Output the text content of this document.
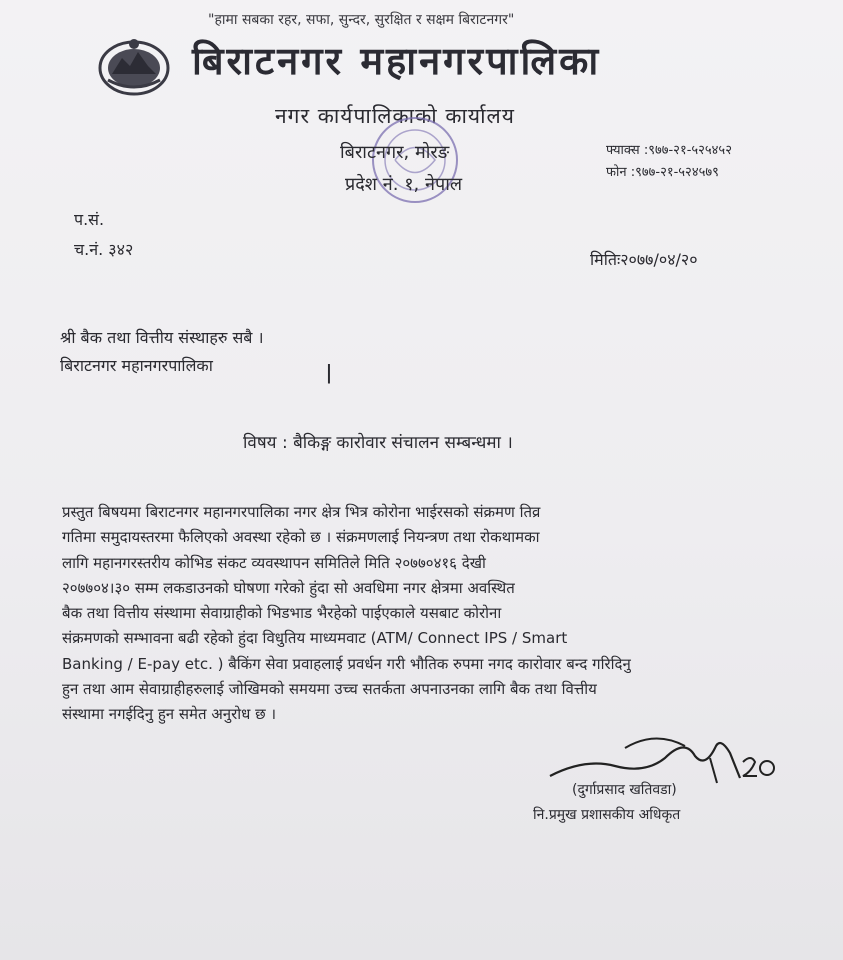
"हामा सबका रहर, सफा, सुन्दर, सुरक्षित र सक्षम बिराटनगर"
बिराटनगर महानगरपालिका
नगर कार्यपालिकाको कार्यालय
बिराटनगर, मोरङ
प्रदेश नं. १, नेपाल
फ्याक्स :९७७-२१-५२५४५२
फोन :९७७-२१-५२४५७९
प.सं.
च.नं. ३४२
मितिः२०७७/०४/२०
श्री बैक तथा वित्तीय संस्थाहरु सबै ।
बिराटनगर महानगरपालिका	ǀ
विषय : बैकिङ्ग कारोवार संचालन सम्बन्धमा ।
प्रस्तुत बिषयमा बिराटनगर महानगरपालिका नगर क्षेत्र भित्र कोरोना भाईरसको संक्रमण तिव्र
गतिमा समुदायस्तरमा फैलिएको अवस्था रहेको छ । संक्रमणलाई नियन्त्रण तथा रोकथामका
लागि महानगरस्तरीय कोभिड संकट व्यवस्थापन समितिले मिति २०७७०४१६ देखी
२०७७०४।३० सम्म लकडाउनको घोषणा गरेको हुंदा सो अवधिमा नगर क्षेत्रमा अवस्थित
बैक तथा वित्तीय संस्थामा सेवाग्राहीको भिडभाड भैरहेको पाईएकाले यसबाट कोरोना
संक्रमणको सम्भावना बढी रहेको हुंदा विधुतिय माध्यमवाट (ATM/ Connect IPS / Smart
Banking / E-pay etc. ) बैकिंग सेवा प्रवाहलाई प्रवर्धन गरी भौतिक रुपमा नगद कारोवार बन्द गरिदिनु
हुन तथा आम सेवाग्राहीहरुलाई जोखिमको समयमा उच्च सतर्कता अपनाउनका लागि बैक तथा वित्तीय
संस्थामा नगईदिनु हुन समेत अनुरोध छ ।
(दुर्गाप्रसाद खतिवडा)
नि.प्रमुख प्रशासकीय अधिकृत
